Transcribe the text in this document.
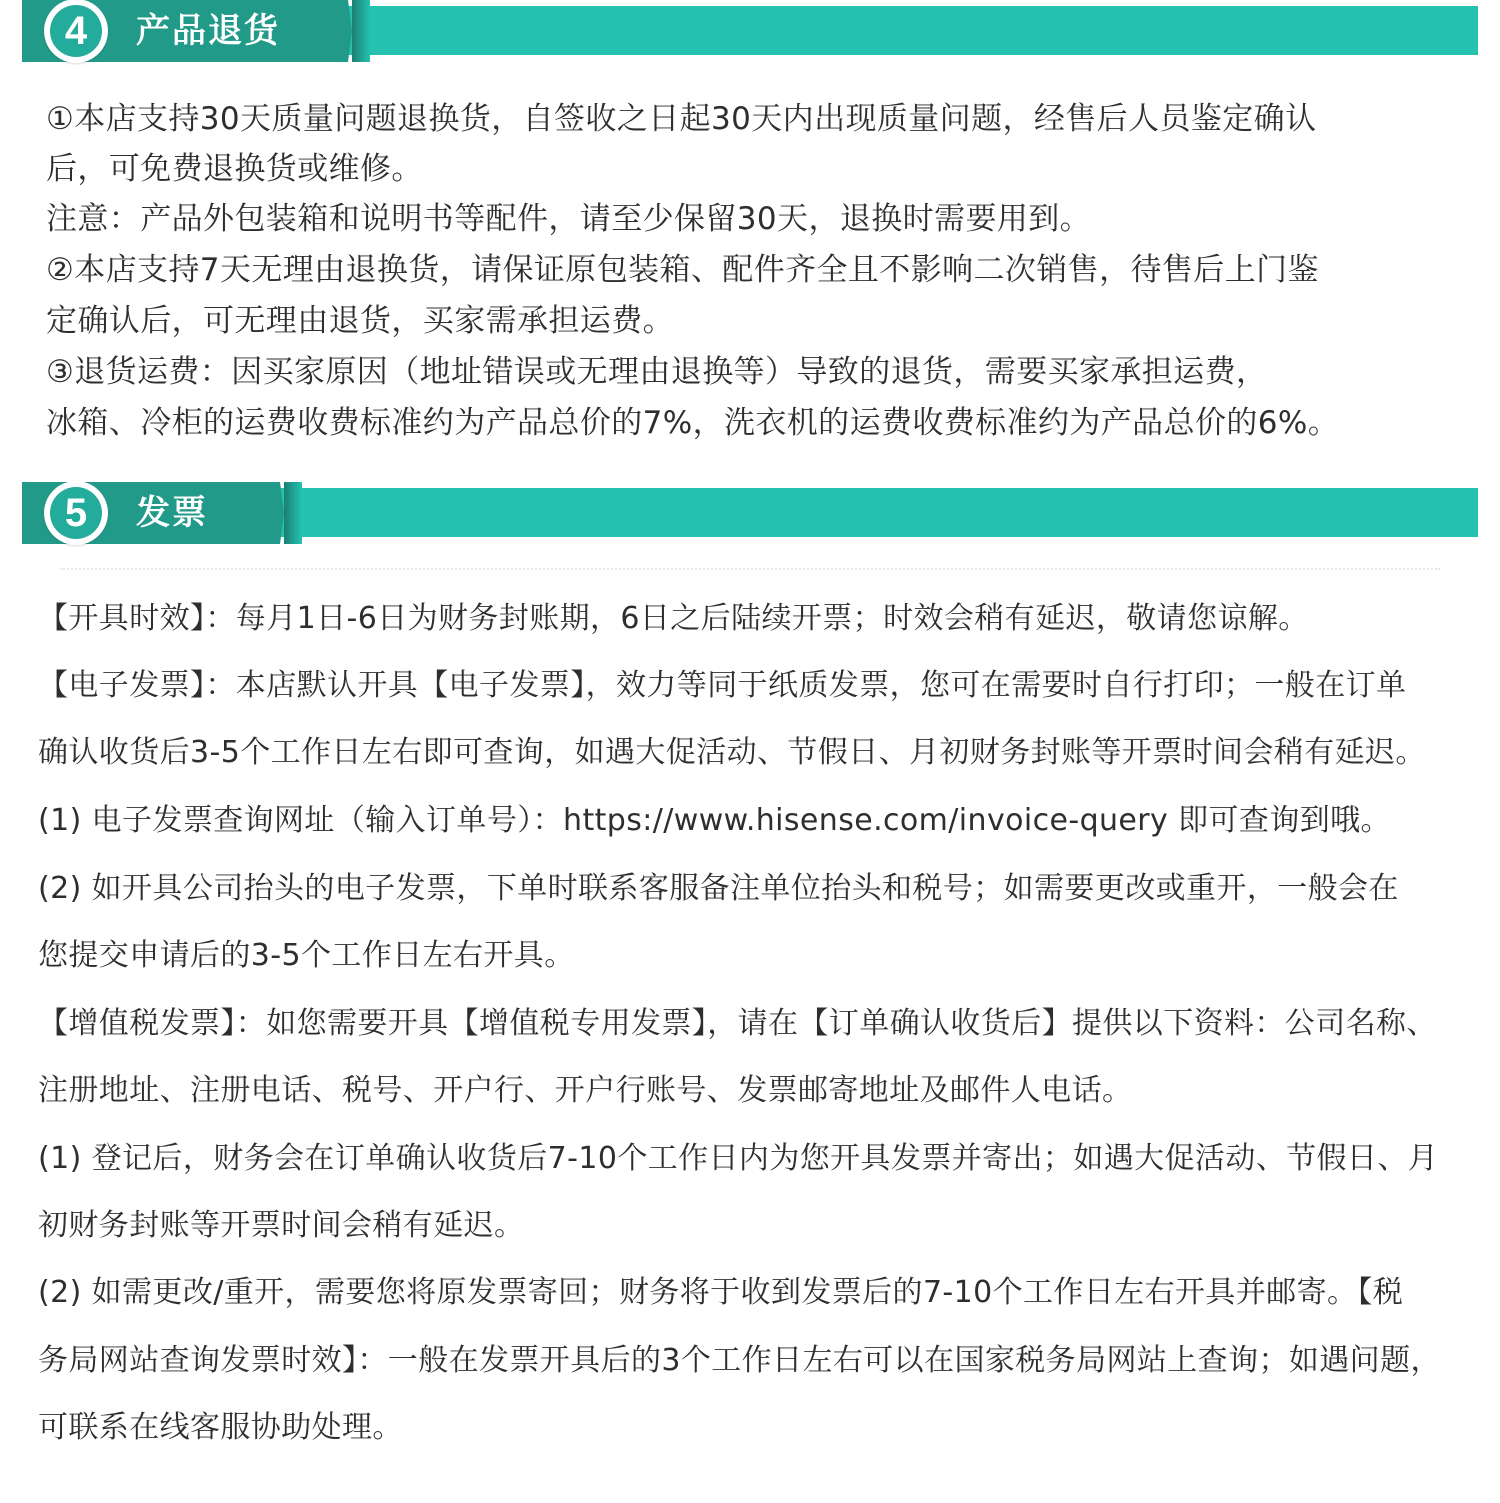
4	产品退货
①本店支持30天质量问题退换货，自签收之日起30天内出现质量问题，经售后人员鉴定确认
后，可免费退换货或维修。
注意：产品外包装箱和说明书等配件，请至少保留30天，退换时需要用到。
②本店支持7天无理由退换货，请保证原包装箱、配件齐全且不影响二次销售，待售后上门鉴
定确认后，可无理由退货，买家需承担运费。
③退货运费：因买家原因（地址错误或无理由退换等）导致的退货，需要买家承担运费，
冰箱、冷柜的运费收费标准约为产品总价的7%，洗衣机的运费收费标准约为产品总价的6%。
5	发票
【开具时效】：每月1日-6日为财务封账期，6日之后陆续开票；时效会稍有延迟，敬请您谅解。
【电子发票】：本店默认开具【电子发票】，效力等同于纸质发票，您可在需要时自行打印；一般在订单
确认收货后3-5个工作日左右即可查询，如遇大促活动、节假日、月初财务封账等开票时间会稍有延迟。
(1) 电子发票查询网址（输入订单号）：https://www.hisense.com/invoice-query 即可查询到哦。
(2) 如开具公司抬头的电子发票，下单时联系客服备注单位抬头和税号；如需要更改或重开，一般会在
您提交申请后的3-5个工作日左右开具。
【增值税发票】：如您需要开具【增值税专用发票】，请在【订单确认收货后】提供以下资料：公司名称、
注册地址、注册电话、税号、开户行、开户行账号、发票邮寄地址及邮件人电话。
(1) 登记后，财务会在订单确认收货后7-10个工作日内为您开具发票并寄出；如遇大促活动、节假日、月
初财务封账等开票时间会稍有延迟。
(2) 如需更改/重开，需要您将原发票寄回；财务将于收到发票后的7-10个工作日左右开具并邮寄。【税
务局网站查询发票时效】：一般在发票开具后的3个工作日左右可以在国家税务局网站上查询；如遇问题，
可联系在线客服协助处理。
